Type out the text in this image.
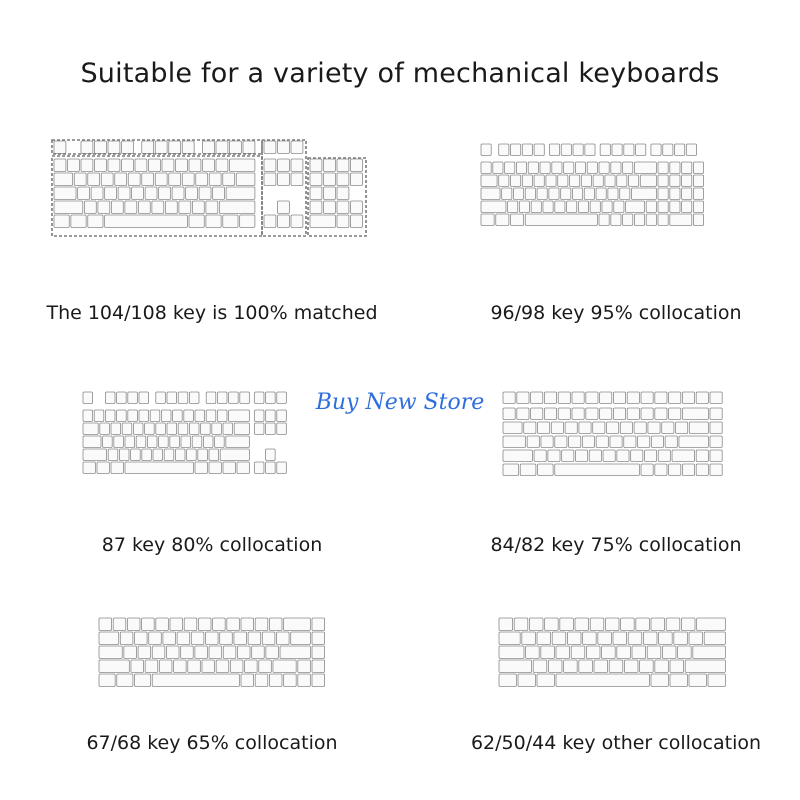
Suitable for a variety of mechanical keyboards
Buy New Store
The 104/108 key is 100% matched	96/98 key 95% collocation
87 key 80% collocation	84/82 key 75% collocation
67/68 key 65% collocation	62/50/44 key other collocation
